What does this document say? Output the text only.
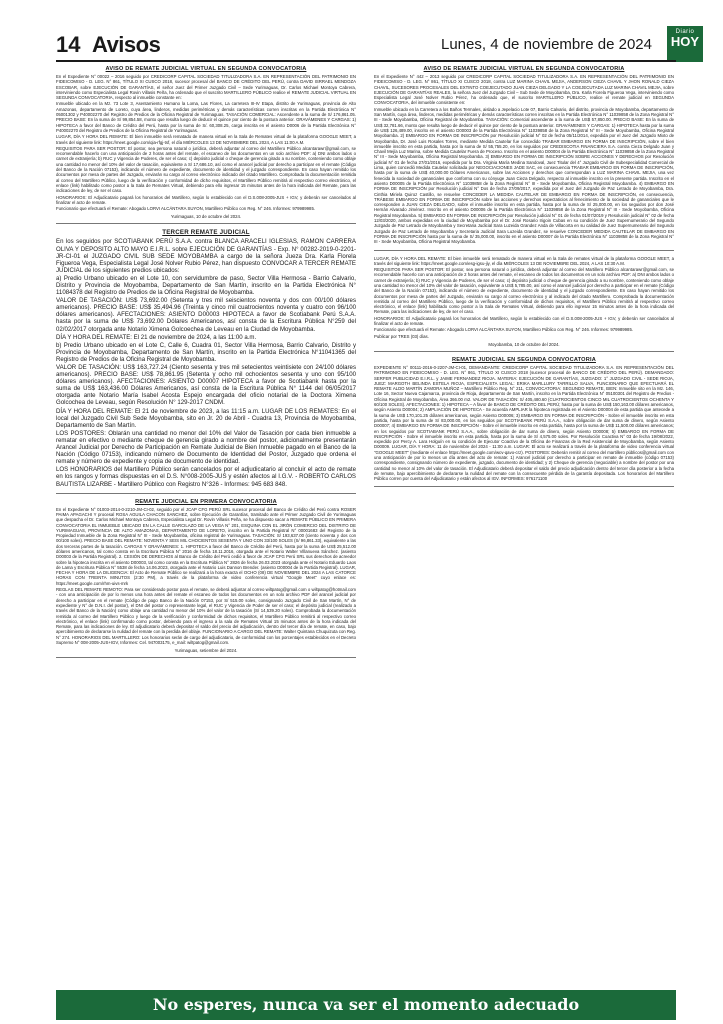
14 Avisos	Lunes, 4 de noviembre de 2024
Diario
HOY
AVISO DE REMATE JUDICIAL VIRTUAL EN SEGUNDA CONVOCATORIA

En el Expediente N° 00022 – 2016 seguido por CREDICORP CAPITAL SOCIEDAD TITULIZADORA S.A. EN REPRESENTACIÓN DEL PATRIMONIO EN FIDEICOMISO - D. LEG. N° 861, TÍTULO XI CUSCO 2018, sucesor procesal del BANCO DE CRÉDITO DEL PERÚ, contra DAVID ISRRAEL MENDOZA ESCOBAR, sobre EJECUCIÓN DE GARANTÍAS, el señor Juez del Primer Juzgado Civil – Sede Yurimaguas, Dr. Carlos Michael Montoya Cabrera, interviniendo como Especialista Legal Rovin Villasis Peña, ha ordenado que el suscrito MARTILLERO PÚBLICO realice el REMATE JUDICIAL VIRTUAL EN SEGUNDA CONVOCATORIA, respecto al inmueble constante en:

Inmueble ubicado en la Mz. 73 Lote 3, Asentamiento Humano la Loma, Las Flores, La carretera III-IV Etapa, distrito de Yurimaguas, provincia de Alto Amazonas, departamento de Loreto, cuya área, linderos, medidas perimétricas y demás características corren inscritas en la Partida Electrónica N° 05001302 y P40002270 del Registro de Predios de la Oficina Registral de Yurimaguas. TASACIÓN COMERCIAL: Ascendente a la suma de S/ 176,861.05. PRECIO BASE: En la suma de S/ 99,854.58, monto que resulta luego de deducir el quince por ciento de la postura anterior. GRAVÁMENES Y CARGAS: 1) HIPOTECA a favor del Banco de Crédito del Perú, hasta por la suma de S/. 60,308.25, carga inscrita en el asiento D0006 de la Partida Electrónica N° P40002270 del Registro de Predios de la Oficina Registral de Yurimaguas.

LUGAR, DÍA Y HORA DEL REMATE: El bien inmueble será rematado de manera virtual en la Sala de Remates virtual de la plataforma GOOGLE MEET, a través del siguiente link: https://meet.google.com/qia-rfgj-tsf, el día MIÉRCOLES 13 DE NOVIEMBRE DEL 2024, A LAS 11:00 A.M.

REQUISITOS PARA SER POSTOR: El postor, sea persona natural o jurídica, deberá adjuntar al correo del Martillero Público alcantarawr@gmail.com, se recomendable hacerlo con una anticipación de 2 horas antes del remate, el escaneo de los documentos en un solo archivo PDF: a) DNI ambos lados o carnet de extranjería; b) RUC y Vigencia de Poderes, de ser el caso; c) depósito judicial o cheque de gerencia girado a su nombre, conteniendo como oblaje una cantidad no menor del 10% del valor de tasación, equivalente a S/ 17,686.10, así como el arancel judicial por derecho a participar en el remate (Código del Banco de la Nación 07153), indicando el número de expediente, documento de identidad y el juzgado correspondiente. En caso hayan remitido los documentos por mesa de partes del Juzgado, enviarán su cargo al correo electrónico indicado del citado Martillero. Comprobada la documentación remitida al correo del Martillero Público, luego de la verificación y conformidad de dicho requisitos, el Martillero Público remitirá al respectivo correo electrónico, el enlace (link) habilitado como postor a la Sala de Remates Virtual, debiendo para ello ingresar 15 minutos antes de la hora indicada del Remate, para las indicaciones de ley, de ser el caso.

HONORARIOS: El Adjudicatario pagará los honorarios del Martillero, según lo establecido con el D.S.008-2005-JUS + IGV, y deberán ser cancelados al finalizar el acto de remate.

Funcionario que efectuará el Remate: Abogado LORVI ALCÁNTARA SUYON, Martillero Público con Reg. N° 246. Informes: 979989985.

Yurimaguas, 10 de octubre del 2024.
TERCER REMATE JUDICIAL

En los seguidos por SCOTIABANK PERÚ S.A.A. contra BLANCA ARACELI IGLESIAS, RAMON CARRERA OLIVA Y DEPOSITO ALTO MAYO E.I.R.L. sobre EJECUCIÓN DE GARANTÍAS - Exp. N° 00282-2019-0-2201-JR-CI-01 el JUZGADO CIVIL SUB SEDE MOYOBAMBA a cargo de la señora Jueza Dra. Karla Florela Figueroa Vega, Especialista Legal José Nolver Rubio Pérez, han dispuesto CONVOCAR A TERCER REMATE JUDICIAL de los siguientes predios ubicados:

a) Predio Urbano ubicado en el Lote 10, con servidumbre de paso, Sector Villa Hermosa - Barrio Calvario, Distrito y Provincia de Moyobamba, Departamento de San Martín, inscrito en la Partida Electrónica N° 11084378 del Registro de Predios de la Oficina Registral de Moyobamba.

VALOR DE TASACIÓN: US$ 73,692.00 (Setenta y tres mil seiscientos noventa y dos con 00/100 dólares americanos). PRECIO BASE: US$ 35,494.96 (Treinta y cinco mil cuatrocientos noventa y cuatro con 96/100 dólares americanos). AFECTACIONES: ASIENTO D00003 HIPOTECA a favor de Scotiabank Perú S.A.A. hasta por la suma de US$ 73,692.00 Dólares Americanos, así consta de la Escritura Pública N°259 del 02/02/2017 otorgada ante Notario Ximena Golcoechea de Leveau en la Ciudad de Moyobamba.

DÍA Y HORA DEL REMATE: El 21 de noviembre de 2024, a las 11:00 a.m.

b) Predio Urbano ubicado en el Lote C, Calle 6, Cuadra 01, Sector Villa Hermosa, Barrio Calvario, Distrito y Provincia de Moyobamba, Departamento de San Martín, inscrito en la Partida Electrónica N°11041365 del Registro de Predios de la Oficina Registral de Moyobamba.

VALOR DE TASACIÓN: US$ 163,727.24 (Ciento sesenta y tres mil setecientos veintisiete con 24/100 dólares americanos). PRECIO BASE: US$ 78,861.95 (Setenta y ocho mil ochocientos sesenta y uno con 95/100 dólares americanos). AFECTACIONES: ASIENTO D00007 HIPOTECA a favor de Scotiabank hasta por la suma de US$ 163,436.00 Dólares Americanos, así consta de la Escritura Pública N° 1144 del 06/05/2017 otorgada ante Notario María Isabel Acosta Espejo encargada del oficio notarial de la Doctora Ximena Golcochea de Leveau, según Resolución N° 129-2017 CNDM.

DÍA Y HORA DEL REMATE: El 21 de noviembre de 2023, a las 11:15 a.m. LUGAR DE LOS REMATES: En el local del Juzgado Civil Sub Sede Moyobamba, sito en Jr. 20 de Abril - Cuadra 13, Provincia de Moyobamba, Departamento de San Martín.

LOS POSTORES: Oblarán una cantidad no menor del 10% del Valor de Tasación por cada bien inmueble a rematar en efectivo o mediante cheque de gerencia girado a nombre del postor, adicionalmente presentarán Arancel Judicial por Derecho de Participación en Remate Judicial de Bien Inmueble pagado en el Banco de la Nación (Código 07153), indicando número de Documento de Identidad del Postor, Juzgado que ordena el remate y número de expediente y copia de documento de identidad.

LOS HONORARIOS del Martillero Público serán cancelados por el adjudicatario al concluir el acto de remate en los rangos y formas dispuestas en el D.S. N°008-2005-JUS y estén afectos al I.G.V. - ROBERTO CARLOS BAUTISTA LIZARBE - Martillero Público con Registro N°326 - Informes: 945 683 848.

REMATE JUDICIAL EN PRIMERA CONVOCATORIA

En el Expediente N° 01003-2014-0-2210-JM-CI-02, seguido por el JCAP CFG PERÚ SRL sucesor procesal del Banco de Crédito del Perú contra ROSER PAIMA APAGACHI Y procesal ROSA AGUILA CHACON SANCHEZ, sobre Ejecución de Garantías, tramitado ante el Primer Juzgado Civil de Yurimaguas que despacha el Dr. Carlos Michael Montoya Cabrera, Especialista Legal Dr. Rovin Villasis Peña, se ha dispuesto sacar a REMATE PÚBLICO EN PRIMERA CONVOCATORIA EL INMUEBLE UBICADO EN LA CALLE GARCILAZO DE LA VEGA N° 201, ESQUINA CON EL JIRÓN COMERCIO DEL DISTRITO DE YURIMAGUAS, PROVINCIA DE ALTO AMAZONAS, DEPARTAMENTO DE LORETO, inscrito en la Partida Registral N° 00001683 del Registro de la Propiedad Inmueble de la Zona Registral N° III - Sede Moyobamba, oficina registral de Yurimaguas. TASACIÓN: S/ 193,637.00 (ciento noventa y dos con 00/100 soles). PRECIO BASE DEL REMATE: NOVENTA Y SEIS MIL CHOCIENTOS SESENTA Y UNO CON 33/100 SOLES (S/ 96,861.33), equivalente a las dos terceras partes de la tasación. CARGAS Y GRAVÁMENES: 1. HIPOTECA a favor del Banco de Crédito del Perú, hasta por la suma de US$ 25,512.00 dólares americanos, tal como consta en la Escritura Pública N° 2016 de fecha 18.11.2016, otorgada ante el Notario Walter Villanueva Sánchez. (asiento D00003 de la Partida Registral). 2. CESIÓN DE DERECHOS al Banco de Crédito del Perú cedió a favor de JCAP CFG Perú SRL sus derechos de acreedor sobre la hipoteca inscrita en el asiento D00003, tal como consta en la Escritura Pública N° 2826 de fecha 26.03.2023 otorgada ante el Notario Eduardo Laos de Lama y Escritura Pública N° 5538 de fecha 14.06.2023, otorgada ante el Notario Luis Dannon Brender. (asiento D00004 de la Partida Registral). LUGAR, FECHA Y HORA DE LA DILIGENCIA: El Acto de Remate Público se realizará a la hora exacta el OCHO (08) DE NOVIEMBRE DEL 2024 A LAS CATORCE HORAS CON TREINTA MINUTOS (2:30 PM), a través de la plataforma de video conferencia virtual "Google Meet" cuyo enlace es: https://meet.google.com/rhm-uivs-mrk

REGLAS DEL REMATE REMOTO: Para ser considerado postor para el remate, se deberá adjuntar al correo wiltpatog@gmail.com o wiltpatog@hotmail.com - con una anticipación de por lo menos una hora antes del remate el escaneo de todos los documentos en un solo archivo PDF del arancel judicial por derecho a participar en el remate (Código de pago Banco de la Nación 07153, por S/ 515.00 soles, consignando Juzgado Civil de San Martín, N° de expediente y N° de D.N.I. del postor), el DNI del postor o representante legal, el RUC y Vigencia de Poder de ser el caso; el depósito judicial (realizado a través del Banco de la Nación) como oblaje una cantidad no menor del 10% del valor de la tasación (S/ 14,539.20 soles). Comprobada la documentación remitida al correo del Martillero Público y luego de la verificación y conformidad de dichos requisitos, el Martillero Público remitirá al respectivo correo electrónico, el enlace (link) confirmando como postor, debiendo para el ingreso a la sala de Remates Virtual 15 minutos antes de la hora indicada del Remate, para las indicaciones de ley. El adjudicatario deberá depositar el saldo del precio del adjudicación, dentro del tercer día de remate, en caso, bajo apercibimiento de declararse la nulidad del remate con la perdida del oblaje. FUNCIONARIO A CARGO DEL REMATE: Walter Quintana Chuquizuta con Reg. N° 274. HONORARIOS DEL MARTILLERO: Los honorarios serán de cargo del adjudicatario, de conformidad con los porcentajes establecidos en el Decreto Supremo N° 008-2005-JUS+IGV, Informes: Cel. 947003175, e_mail: wiltpatog@gmail.com.

Yurimaguas, setiembre del 2024.
AVISO DE REMATE JUDICIAL VIRTUAL EN SEGUNDA CONVOCATORIA

En el Expediente N° 442 – 2013 seguido por CREDICORP CAPITAL SOCIEDAD TITULIZADORA S.A. EN REPRESENTACIÓN DEL PATRIMONIO EN FIDEICOMISO - D. LEG. N° 861, TÍTULO XI CUSCO 2018, contra LUZ MARINA CHAVIL MEJIA, ANDERSON CIEZA CHAVIL Y JHON RONALD CIEZA CHAVIL, SUCESORES PROCESALES DEL EXTINTO COEJECUTADO JUAN CIEZA DELGADO Y LA COEJECUTADA LUZ MARINA CHAVIL MEJIA, sobre EJECUCIÓN DE GARANTÍAS REALES, la señora Juez del Juzgado Civil – Sub Sede de Moyobamba, Dra. Karla Fiorela Figueroa Vega, interviniendo como Especialista Legal José Nolver Rubio Pérez, ha ordenado que, el suscrito MARTILLERO PÚBLICO, realice el remate judicial en SEGUNDA CONVOCATORIA, del inmueble consistente en:

Inmueble ubicado en la Carretera a los Baños Termales, aislado a Jepelacio Lote 07, Barrio Calvario, del distrito, provincia de Moyobamba, departamento de San Martín, cuya área, linderos, medidas perimétricas y demás características corren inscritas en la Partida Electrónica N° 11039858 de la Zona Registral N° III - Sede Moyobamba, Oficina Registral de Moyobamba. TASACIÓN: Comercial ascendente a la suma de US$ 57,850.00. PRECIO BASE: En la suma de US$ 32,781.66, monto que resulta luego de deducir el quince por ciento de la postura anterior. GRAVÁMENES Y CARGAS: 1) HIPOTECA hasta por la suma de US$ 126,489.00, inscrito en el asiento D00003 de la Partida Electrónica N° 11039858 de la Zona Registral N° III - Sede Moyobamba, Oficina Registral Moyobamba. 2) EMBARGO EN FORMA DE INSCRIPCIÓN por Resolución judicial N° 02 de fecha 05/11/2014, expedida por el Juez del Juzgado Mixto de Moyobamba, Dr. José Luis Rosales Torres, mediante Medida Cautelar fue concedido TRABAR EMBARGO EN FORMA DE INSCRIPCIÓN, sobre el bien inmueble inscrito en esta partida, hasta por la suma de S/ 55,755.20, en los seguidos por CREDISCOTIA FINANCIERA S.A. contra Cieza Delgado Juan y Chavil Mejía Luz Marina, sobre Medida Cautelar Fuera de Proceso. Inscrito en el asiento D00004 de la Partida Electrónica N° 11039858 de la Zona Registral N° III - Sede Moyobamba, Oficina Registral Moyobamba. 3) EMBARGO EN FORMA DE INSCRIPCIÓN SOBRE ACCIONES Y DERECHOS por Resolución judicial N° 01 de fecha 27/01/2016, expedida por la Dra. Virginia María Medina Sandoval, Juez Titular del 4° Juzgado Civil de Subespecialidad Comercial de Lima, quien concedió Medida Cautelar solicitada por NEGOCIACIONES JADE SAC, en consecuencia TRABAR EMBARGO EN FORMA DE INSCRIPCIÓN, hasta por la suma de US$ 40,000.00 Dólares Americanos, sobre las Acciones y derechos que correspondan a LUZ MARINA CHAVIL MEJIA, una vez fenecida la sociedad de gananciales que conforma con su cónyuge Juan Cieza Delgado, respecto al inmueble inscrito en la presente partida. Inscrito en el asiento D00005 de la Partida Electrónica N° 11039858 de la Zona Registral N° III - Sede Moyobamba, Oficina Registral Moyobamba. 4) EMBARGO EN FORMA DE INSCRIPCIÓN por Resolución judicial N° Dos de fecha 27/09/2017, expedida por el Juez del Juzgado de Paz Letrado de Moyobamba, Dra. Cinthia Miriela Quiroz Castillo, se resuelve CONCEDER LA MEDIDA CAUTELAR DE EMBARGO EN FORMA DE INSCRIPCIÓN, en consecuencia, TRÁBESE EMBARGO EN FORMA DE INSCRIPCIÓN sobre las acciones y derechos expectaticios al fenecimiento de la sociedad de gananciales que le corresponden a JUAN CIEZA DELGADO, sobre el inmueble inscrito en esta partida, hasta por la suma de S/ 25,000.00, en los seguidos por don José Hernán Alvarado Jiménez. Inscrito en el asiento D00006 de la Partida Electrónica N° 11039858 de la Zona Registral N° III - Sede Moyobamba, Oficina Registral Moyobamba. 5) EMBARGO EN FORMA DE INSCRIPCIÓN por Resolución judicial N° 01 de fecha 01/07/2019 y Resolución judicial N° 02 de fecha 12/03/2020, ambos expedidas en la ciudad de Moyobamba por el Dr. José Rosario Irigoin Cubas en su condición de Juez Supernumerario del Segundo Juzgado de Paz Letrado de Moyobamba y Secretaria Judicial Sara Luzeida Grandez Anda de Villacorta en su calidad de Juez Supernumerario del Segundo Juzgado de Paz Letrado de Moyobamba y Secretaria Judicial Sara Luzeida Grandez, se resuelve CONCEDER MEDIDA CAUTELAR DE EMBARGO EN FORMA DE INSCRIPCIÓN hasta por la suma de S/ 35,000.00, inscrito en el asiento D00007 de la Partida Electrónica N° 11039858 de la Zona Registral N° III - Sede Moyobamba, Oficina Registral Moyobamba.

LUGAR, DÍA Y HORA DEL REMATE: El bien inmueble será rematado de manera virtual en la Sala de remates virtual de la plataforma GOOGLE MEET, a través del siguiente link: https://meet.google.com/esg-igsu-jiy, el día MIÉRCOLES 13 DE NOVIEMBRE DEL 2024, A LAS 10:30 A.M.

REQUISITOS PARA SER POSTOR: El postor, sea persona natural o jurídica, deberá adjuntar al correo del Martillero Público alcantarawr@gmail.com, se recomendable hacerlo con una anticipación de 2 horas antes del remate, el escaneo de todos los documentos en un solo archivo PDF: a) DNI ambos lados o carnet de extranjería; b) RUC y Vigencia de Poderes, de ser el caso; c) depósito judicial o cheque de gerencia girado a su nombre, conteniendo como oblaje una cantidad no menor del 10% del valor de tasación, equivalente a US$ 5,785.00, así como el arancel judicial por derecho a participar en el remate (Código del Banco de la Nación 07153), indicando el número de expediente, documento de identidad y el juzgado correspondiente. En caso hayan remitido los documentos por mesa de partes del Juzgado, enviarán su cargo al correo electrónico y al indicado del citado Martillero. Comprobada la documentación remitida al correo del Martillero Público, luego de la verificación y conformidad de dichos requisitos, el Martillero Público remitirá al respectivo correo electrónico, el enlace (link) habilitado como postor a la Sala de Remates Virtual, debiendo para ello ingresar 15 minutos antes de la hora indicada del Remate, para las indicaciones de ley, de ser el caso.

HONORARIOS: El Adjudicatario pagará los honorarios del Martillero, según lo establecido con el D.S.008-2005-JUS + IGV, y deberán ser cancelados al finalizar el acto de remate.

Funcionario que efectuará el Remate: Abogado LORVI ALCÁNTARA SUYON, Martillero Público con Reg. N° 246. Informes: 979989985.

Publicar por TRES (03) días.

Moyobamba, 10 de octubre del 2024.
REMATE JUDICIAL EN SEGUNDA CONVOCATORIA

EXPEDIENTE N° 00111-2016-0-2207-JM-CI-01, DEMANDANTE: CREDICORP CAPITAL SOCIEDAD TITULIZADORA S.A. EN REPRESENTACIÓN DEL PATRIMONIO EN FIDEICOMISO - D. LEG. N° 861, TÍTULO XI CUSCO 2018 (sucesor procesal de BANCO DE CRÉDITO DEL PERÚ). DEMANDADO: SERFER PUBLICIDAD E.I.R.L. y JAIME FERNANDEZ RIOJA. MATERIA: EJECUCIÓN DE GARANTÍAS, JUZGADO: 1° JUZGADO CIVIL - SEDE RIOJA, JUEZ: MARGOTH BELINDA ESTELA RIOJA, ESPECIALISTA LEGAL: ERIKA MARLLURY TARRILLO SALVA, FUNCIONARIO QUE EFECTUARÁ EL REMATE ALDO MARTÍN ZAMORA MUÑOZ – Martillero Público Reg. N° 211, CONVOCATORIA: SEGUNDO REMATE, BIEN: Inmueble sito en la Mz. 146, Lote 16, Sector Nueva Cajamarca, provincia de Rioja, departamento de San Martín, inscrito en la Partida Electrónica N° 05100301 del Registro de Predios - Oficina Registral de Moyobamba, Área 366.00 m2. VALOR DE TASACIÓN: S/ 405,480.60 (CUATROCIENTOS CINCO MIL CUATROCIENTOS OCHENTA Y 60/100 SOLES). AFECTACIONES: 1) HIPOTECA – A favor de BANCO DE CRÉDITO DEL PERÚ; hasta por la suma de US$ 150,163.00 dólares americanos, según Asiento D00004; 2) AMPLIACIÓN DE HIPOTECA - Se acuerda AMPLIAR la hipoteca registrada en el Asiento D00004 de esta partida que antecede a la suma de US$ 170,101.25 dólares americanos, según Asiento D00006; 3) EMBARGO EN FORMA DE INSCRIPCIÓN - Sobre el inmueble inscrito en esta partida, hasta por la suma de S/ 83,000.00, en los seguidos por SCOTIABANK PERÚ S.A.A., sobre obligación de dar suma de dinero, según Asiento D00007; 4) EMBARGO EN FORMA DE INSCRIPCIÓN - Sobre el inmueble inscrito en esta partida, hasta por la suma de US$ 11,500.00 dólares americanos; en los seguidos por SCOTIABANK PERÚ S.A.A., sobre obligación de dar suma de dinero, según Asiento D00008; 5) EMBARGO EN FORMA DE INSCRIPCIÓN - Sobre el inmueble inscrito en esta partida, hasta por la suma de S/ 4,575.00 soles. Por Resolución Coactiva N° 03 de fecha 19/08/2022, expedido por Percy A. Lara Holguín en su condición de Ejecutor Coactivo de la Oficina de Finanzas de la Red Asistencial de Moyobamba, según Asiento D00009. LUGAR, DÍA Y HORA: 11 de noviembre del 2024 - 11:00 a.m. LUGAR: El acto se realizará a través de la plataforma de video conferencia virtual "GOOGLE MEET" (mediante el enlace https://meet.google.com/wcv-qavo-crz). POSTORES: Deberán remitir al correo del martillero públicos@gmail.com con una anticipación de por lo menos un día antes del acto de remate: 1) Arancel judicial por derecho a participar en remate de inmueble (código 07153) correspondiente, consignando número de expediente, juzgado, documento de identidad; y 2) Cheque de gerencia (negociable) a nombre del postor por una cantidad no menor al 10% del valor de tasación. El Adjudicatario deberá depositar el saldo del precio adjudicación dentro del tercer día posterior a la fecha de remate, bajo apercibimiento de declararse la nulidad del remate con la consecuente pérdida de la garantía depositada. Los honorarios del Martillero Público corren por cuenta del Adjudicatario y están afectos al IGV. INFORMES: 976171100

No esperes, nunca va ser el momento adecuado
